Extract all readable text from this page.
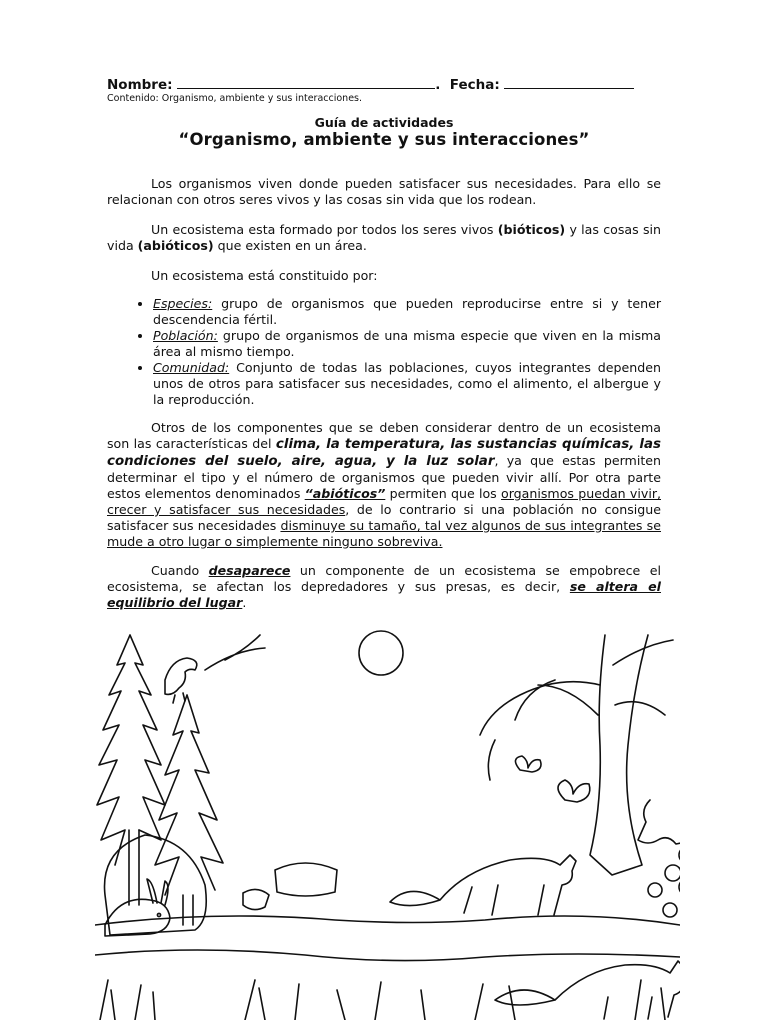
Nombre:	.  Fecha:
Contenido: Organismo, ambiente y sus interacciones.
Guía de actividades
“Organismo, ambiente y sus interacciones”

Los organismos viven donde pueden satisfacer sus necesidades. Para ello se relacionan con otros seres vivos y las cosas sin vida que los rodean.

Un ecosistema esta formado por todos los seres vivos (bióticos) y las cosas sin vida (abióticos) que existen en un área.

Un ecosistema está constituido por:

• Especies: grupo de organismos que pueden reproducirse entre si y tener descendencia fértil.
• Población: grupo de organismos de una misma especie que viven en la misma área al mismo tiempo.
• Comunidad: Conjunto de todas las poblaciones, cuyos integrantes dependen unos de otros para satisfacer sus necesidades, como el alimento, el albergue y la reproducción.

Otros de los componentes que se deben considerar dentro de un ecosistema son las características del clima, la temperatura, las sustancias químicas, las condiciones del suelo, aire, agua, y la luz solar, ya que estas permiten determinar el tipo y el número de organismos que pueden vivir allí. Por otra parte estos elementos denominados “abióticos” permiten que los organismos puedan vivir, crecer y satisfacer sus necesidades, de lo contrario si una población no consigue satisfacer sus necesidades disminuye su tamaño, tal vez algunos de sus integrantes se mude a otro lugar o simplemente ninguno sobreviva.

Cuando desaparece un componente de un ecosistema se empobrece el ecosistema, se afectan los depredadores y sus presas, es decir, se altera el equilibrio del lugar.
